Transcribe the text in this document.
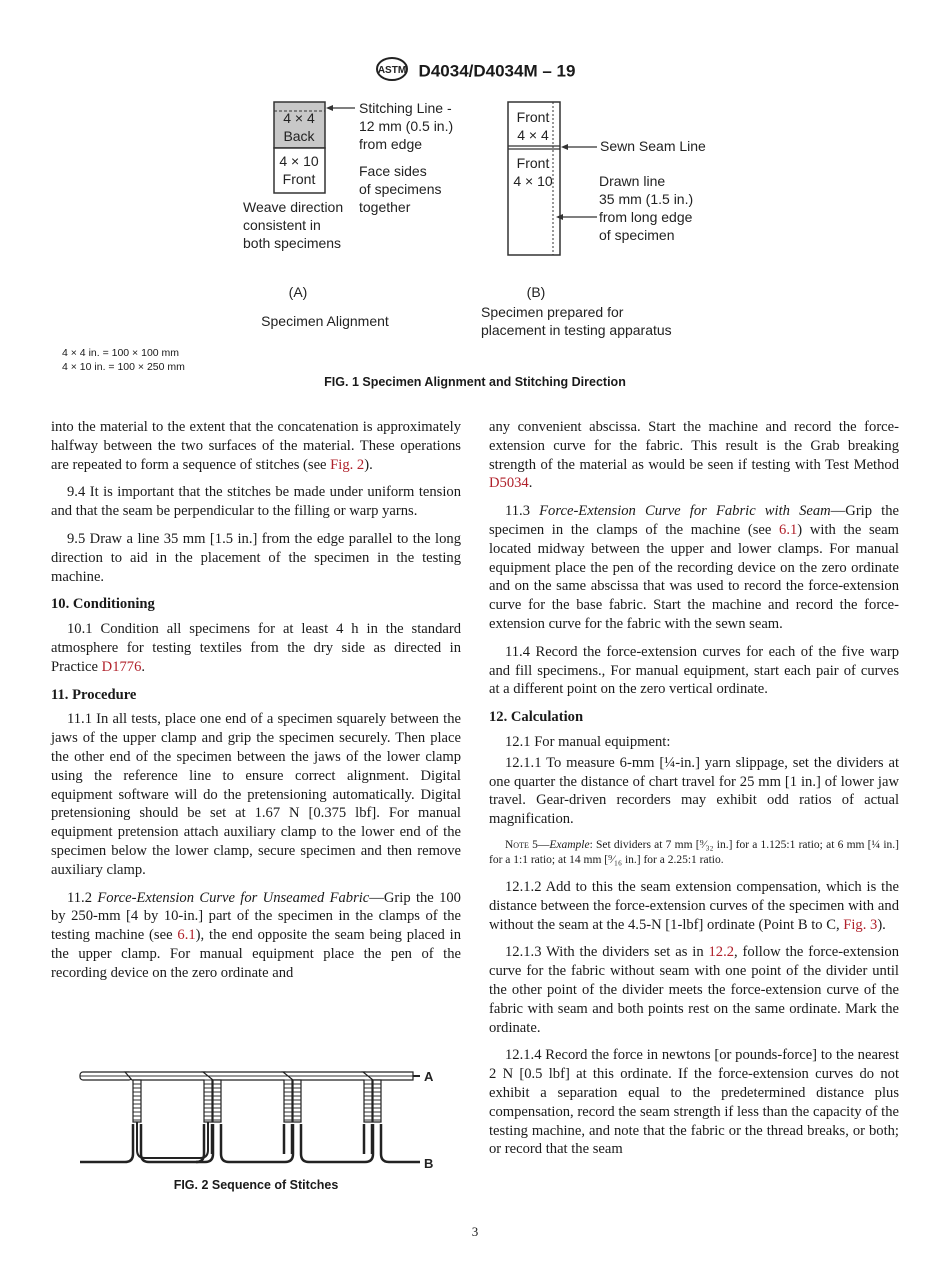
ASTM D4034/D4034M – 19
4 × 4
Back
4 × 10
Front
Stitching Line -
12 mm (0.5 in.)
from edge
Face sides
of specimens
together
Weave direction
consistent in
both specimens
(A)
Specimen Alignment
Front
4 × 4
Front
4 × 10
Sewn Seam Line
Drawn line
35 mm (1.5 in.)
from long edge
of specimen
(B)
Specimen prepared for
placement in testing apparatus
4 × 4 in. = 100 × 100 mm
4 × 10 in. = 100 × 250 mm
FIG. 1 Specimen Alignment and Stitching Direction

into the material to the extent that the concatenation is approximately halfway between the two surfaces of the material. These operations are repeated to form a sequence of stitches (see Fig. 2).

9.4 It is important that the stitches be made under uniform tension and that the seam be perpendicular to the filling or warp yarns.

9.5 Draw a line 35 mm [1.5 in.] from the edge parallel to the long direction to aid in the placement of the specimen in the testing machine.

10. Conditioning

10.1 Condition all specimens for at least 4 h in the standard atmosphere for testing textiles from the dry side as directed in Practice D1776.

11. Procedure

11.1 In all tests, place one end of a specimen squarely between the jaws of the upper clamp and grip the specimen securely. Then place the other end of the specimen between the jaws of the lower clamp using the reference line to ensure correct alignment. Digital equipment software will do the pretensioning automatically. Digital pretensioning should be set at 1.67 N [0.375 lbf]. For manual equipment pretension attach auxiliary clamp to the lower end of the specimen below the lower clamp, secure specimen and then remove auxiliary clamp.

11.2 Force-Extension Curve for Unseamed Fabric—Grip the 100 by 250-mm [4 by 10-in.] part of the specimen in the clamps of the testing machine (see 6.1), the end opposite the seam being placed in the upper clamp. For manual equipment place the pen of the recording device on the zero ordinate and

A
B
FIG. 2 Sequence of Stitches

any convenient abscissa. Start the machine and record the force-extension curve for the fabric. This result is the Grab breaking strength of the material as would be seen if testing with Test Method D5034.

11.3 Force-Extension Curve for Fabric with Seam—Grip the specimen in the clamps of the machine (see 6.1) with the seam located midway between the upper and lower clamps. For manual equipment place the pen of the recording device on the zero ordinate and on the same abscissa that was used to record the force-extension curve for the base fabric. Start the machine and record the force-extension curve for the fabric with the sewn seam.

11.4 Record the force-extension curves for each of the five warp and fill specimens., For manual equipment, start each pair of curves at a different point on the zero vertical ordinate.

12. Calculation

12.1 For manual equipment:

12.1.1 To measure 6-mm [¼-in.] yarn slippage, set the dividers at one quarter the distance of chart travel for 25 mm [1 in.] of lower jaw travel. Gear-driven recorders may exhibit odd ratios of actual magnification.

Note 5—Example: Set dividers at 7 mm [⁹⁄₃₂ in.] for a 1.125:1 ratio; at 6 mm [¼ in.] for a 1:1 ratio; at 14 mm [⁹⁄₁₆ in.] for a 2.25:1 ratio.

12.1.2 Add to this the seam extension compensation, which is the distance between the force-extension curves of the specimen with and without the seam at the 4.5-N [1-lbf] ordinate (Point B to C, Fig. 3).

12.1.3 With the dividers set as in 12.2, follow the force-extension curve for the fabric without seam with one point of the divider until the other point of the divider meets the force-extension curve of the fabric with seam and both points rest on the same ordinate. Mark the ordinate.

12.1.4 Record the force in newtons [or pounds-force] to the nearest 2 N [0.5 lbf] at this ordinate. If the force-extension curves do not exhibit a separation equal to the predetermined distance plus compensation, record the seam strength if less than the capacity of the testing machine, and note that the fabric or the thread breaks, or both; or record that the seam

3
